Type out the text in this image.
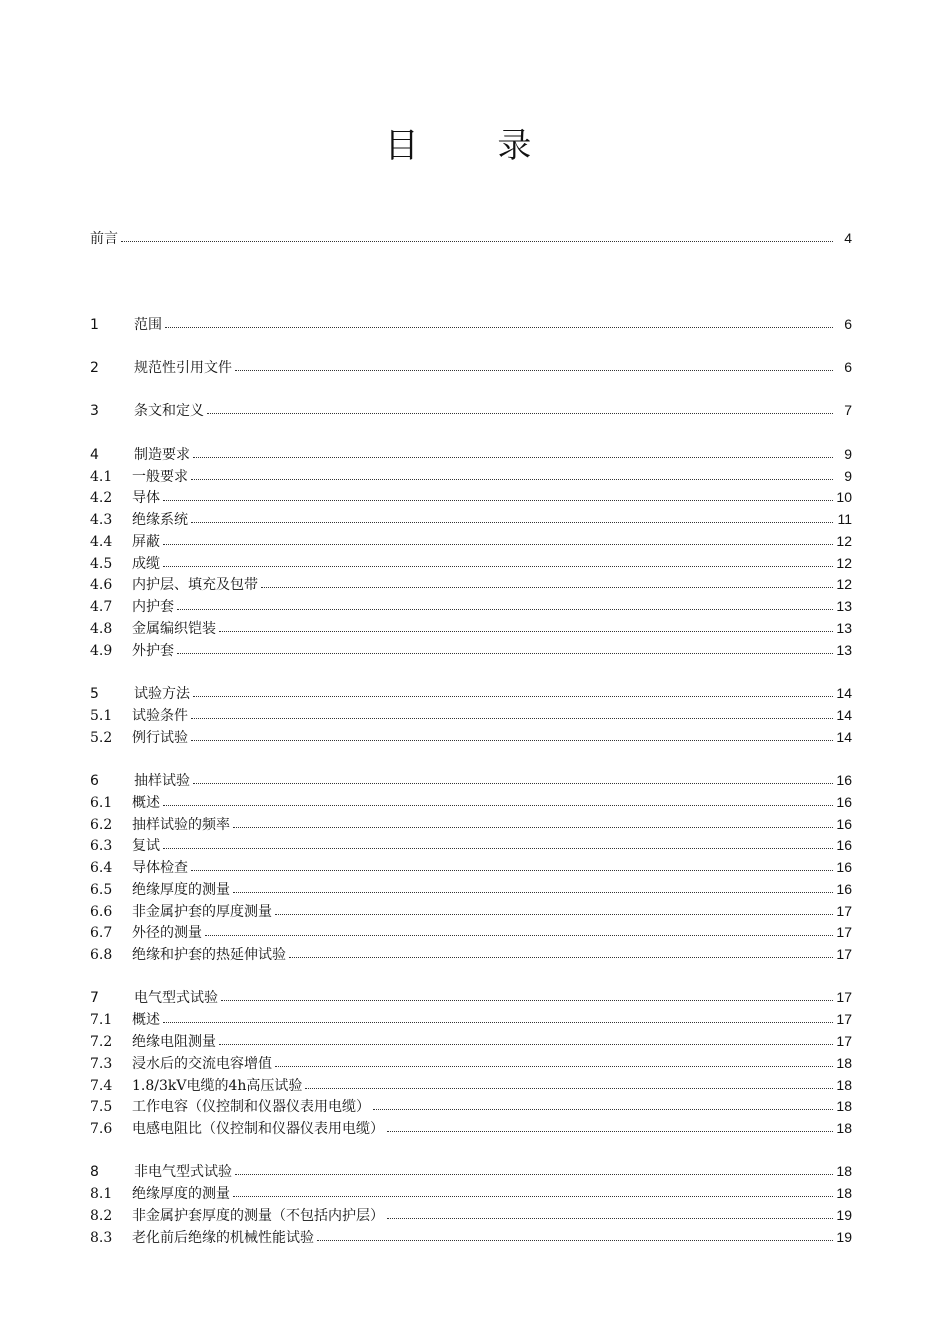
目 录
前言	4
1	范围	6
2	规范性引用文件	6
3	条文和定义	7
4	制造要求	9
4.1	一般要求	9
4.2	导体	10
4.3	绝缘系统	11
4.4	屏蔽	12
4.5	成缆	12
4.6	内护层、填充及包带	12
4.7	内护套	13
4.8	金属编织铠装	13
4.9	外护套	13
5	试验方法	14
5.1	试验条件	14
5.2	例行试验	14
6	抽样试验	16
6.1	概述	16
6.2	抽样试验的频率	16
6.3	复试	16
6.4	导体检查	16
6.5	绝缘厚度的测量	16
6.6	非金属护套的厚度测量	17
6.7	外径的测量	17
6.8	绝缘和护套的热延伸试验	17
7	电气型式试验	17
7.1	概述	17
7.2	绝缘电阻测量	17
7.3	浸水后的交流电容增值	18
7.4	1.8/3kV电缆的4h高压试验	18
7.5	工作电容（仪控制和仪器仪表用电缆）	18
7.6	电感电阻比（仪控制和仪器仪表用电缆）	18
8	非电气型式试验	18
8.1	绝缘厚度的测量	18
8.2	非金属护套厚度的测量（不包括内护层）	19
8.3	老化前后绝缘的机械性能试验	19
